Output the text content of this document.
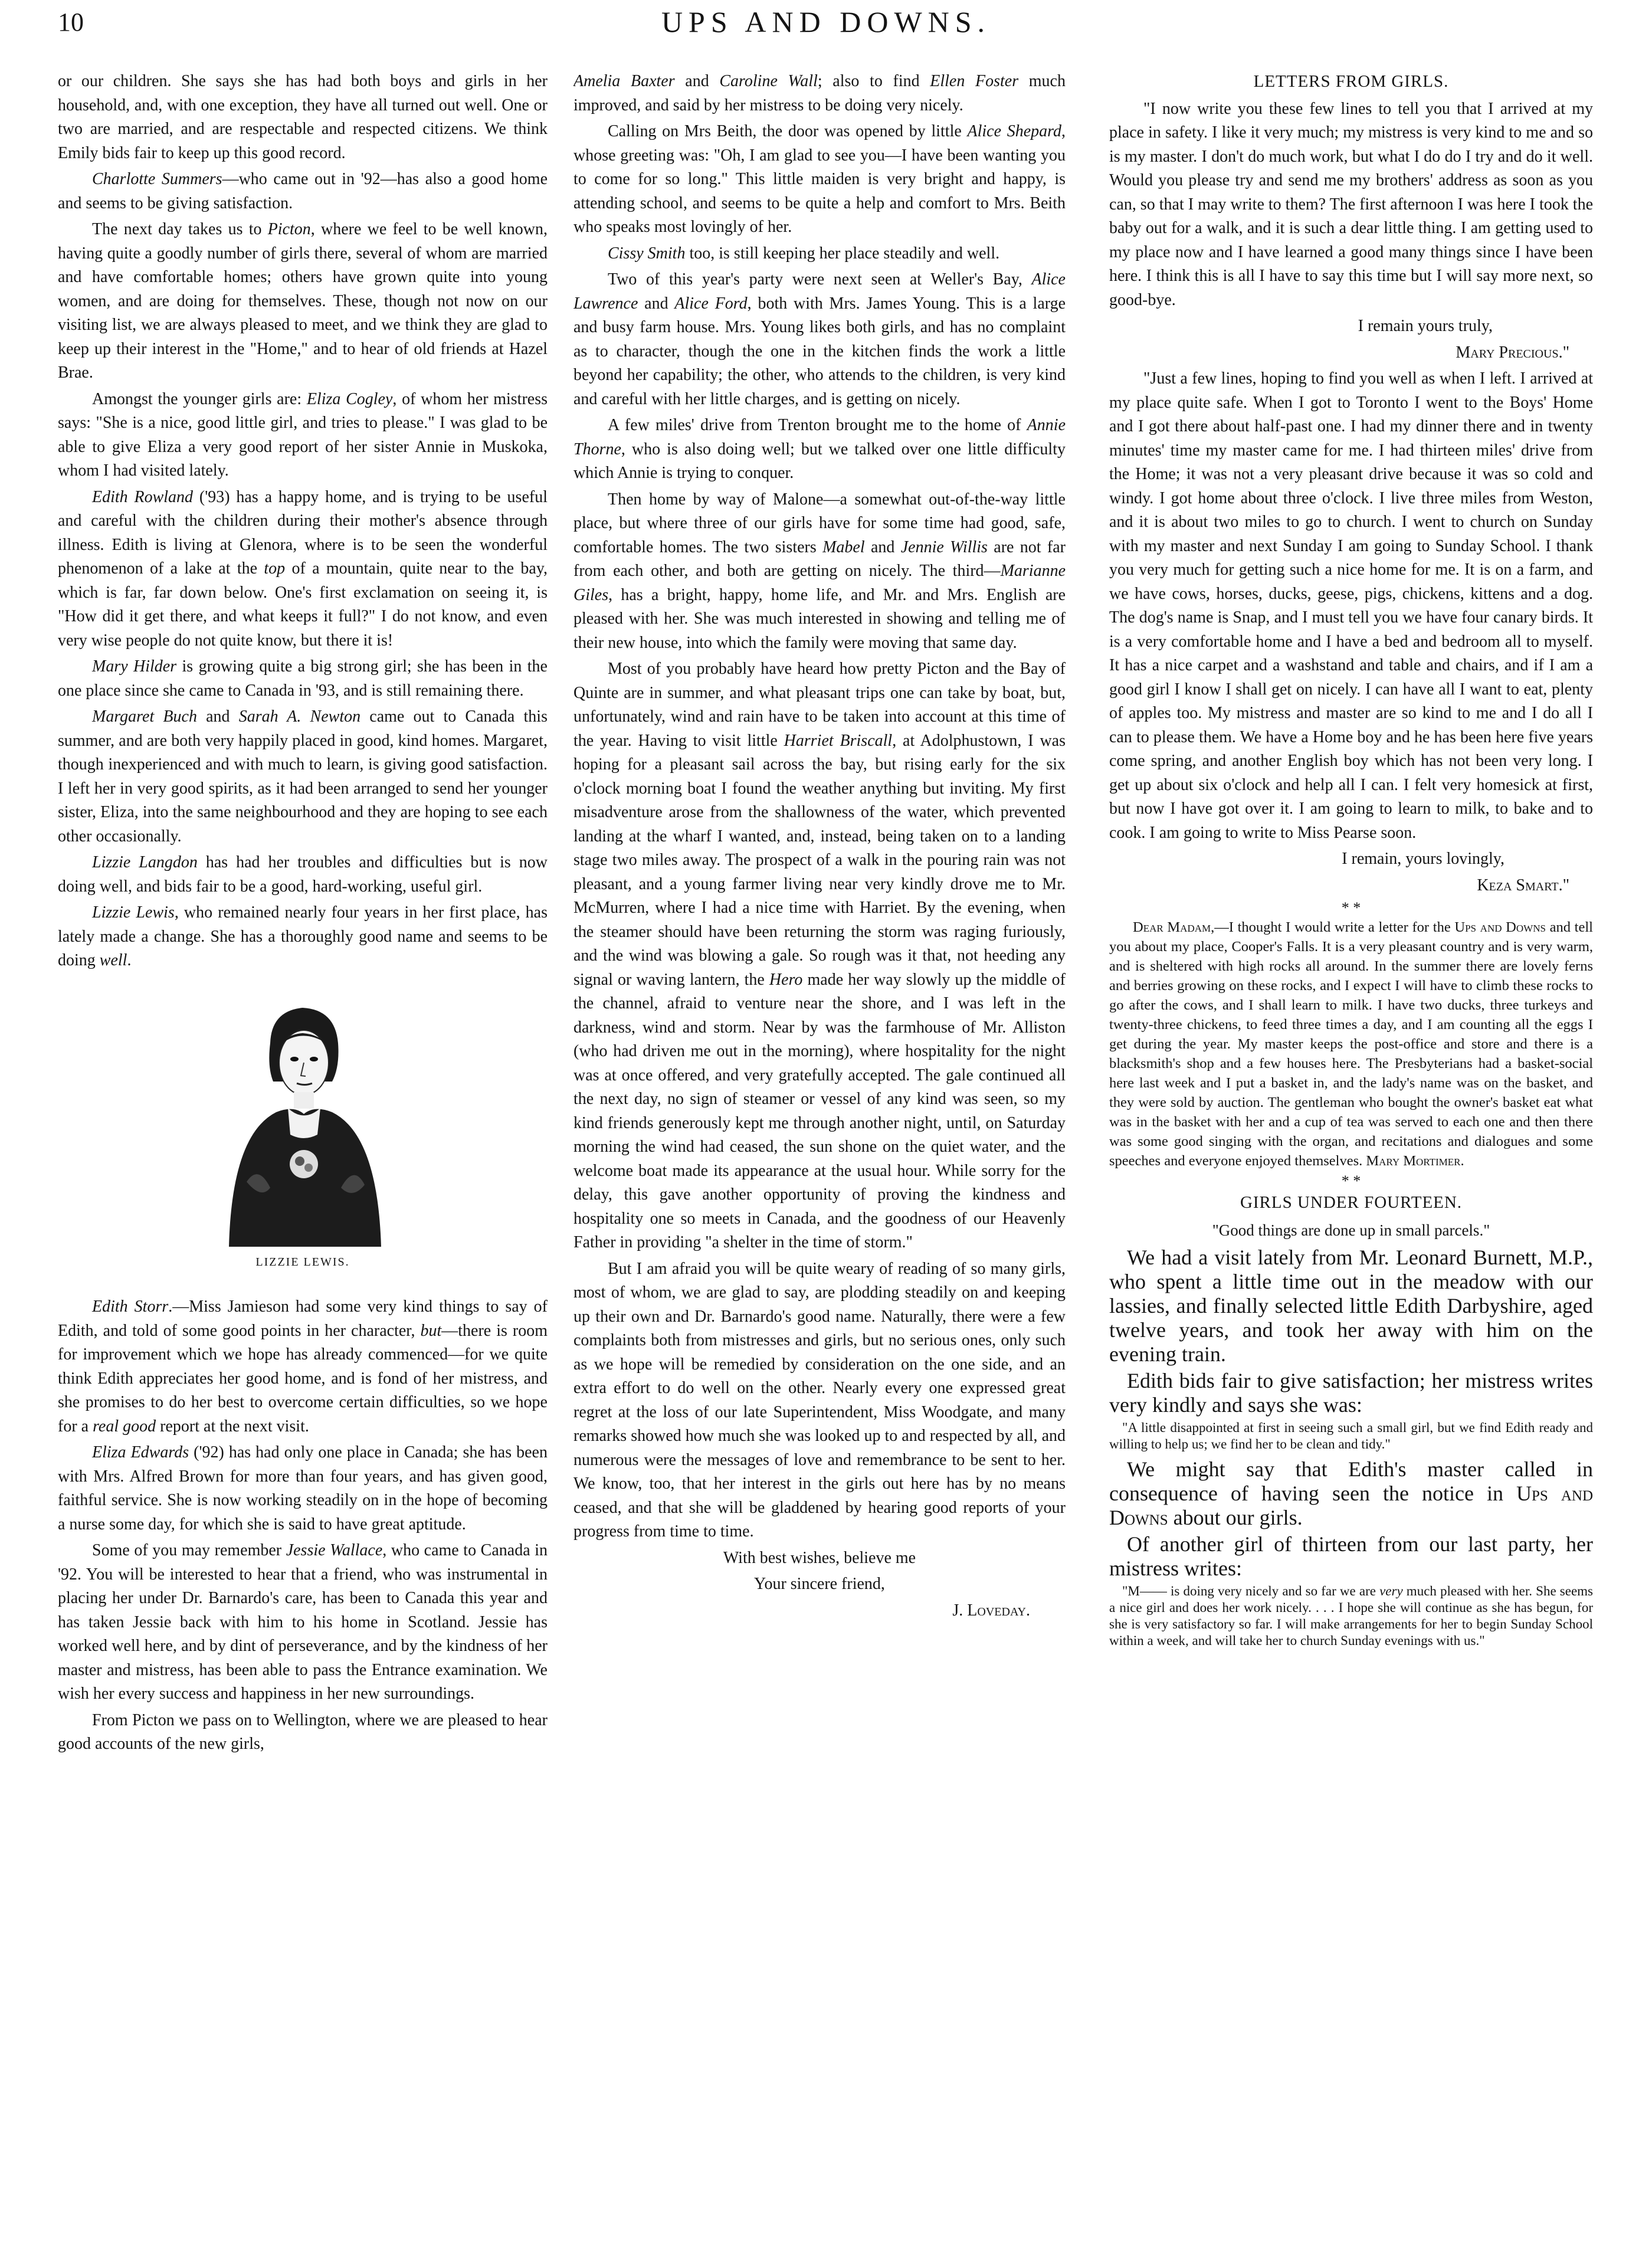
10	UPS AND DOWNS.

or our children. She says she has had both boys and girls in her household, and, with one exception, they have all turned out well. One or two are married, and are respectable and respected citizens. We think Emily bids fair to keep up this good record.

Charlotte Summers—who came out in '92—has also a good home and seems to be giving satisfaction.

The next day takes us to Picton, where we feel to be well known, having quite a goodly number of girls there, several of whom are married and have comfortable homes; others have grown quite into young women, and are doing for themselves. These, though not now on our visiting list, we are always pleased to meet, and we think they are glad to keep up their interest in the "Home," and to hear of old friends at Hazel Brae.

Amongst the younger girls are: Eliza Cogley, of whom her mistress says: "She is a nice, good little girl, and tries to please." I was glad to be able to give Eliza a very good report of her sister Annie in Muskoka, whom I had visited lately.

Edith Rowland ('93) has a happy home, and is trying to be useful and careful with the children during their mother's absence through illness. Edith is living at Glenora, where is to be seen the wonderful phenomenon of a lake at the top of a mountain, quite near to the bay, which is far, far down below. One's first exclamation on seeing it, is "How did it get there, and what keeps it full?" I do not know, and even very wise people do not quite know, but there it is!

Mary Hilder is growing quite a big strong girl; she has been in the one place since she came to Canada in '93, and is still remaining there.

Margaret Buch and Sarah A. Newton came out to Canada this summer, and are both very happily placed in good, kind homes. Margaret, though inexperienced and with much to learn, is giving good satisfaction. I left her in very good spirits, as it had been arranged to send her younger sister, Eliza, into the same neighbourhood and they are hoping to see each other occasionally.

Lizzie Langdon has had her troubles and difficulties but is now doing well, and bids fair to be a good, hard-working, useful girl.

Lizzie Lewis, who remained nearly four years in her first place, has lately made a change. She has a thoroughly good name and seems to be doing well.

LIZZIE LEWIS.

Edith Storr.—Miss Jamieson had some very kind things to say of Edith, and told of some good points in her character, but—there is room for improvement which we hope has already commenced—for we quite think Edith appreciates her good home, and is fond of her mistress, and she promises to do her best to overcome certain difficulties, so we hope for a real good report at the next visit.

Eliza Edwards ('92) has had only one place in Canada; she has been with Mrs. Alfred Brown for more than four years, and has given good, faithful service. She is now working steadily on in the hope of becoming a nurse some day, for which she is said to have great aptitude.

Some of you may remember Jessie Wallace, who came to Canada in '92. You will be interested to hear that a friend, who was instrumental in placing her under Dr. Barnardo's care, has been to Canada this year and has taken Jessie back with him to his home in Scotland. Jessie has worked well here, and by dint of perseverance, and by the kindness of her master and mistress, has been able to pass the Entrance examination. We wish her every success and happiness in her new surroundings.

From Picton we pass on to Wellington, where we are pleased to hear good accounts of the new girls,

Amelia Baxter and Caroline Wall; also to find Ellen Foster much improved, and said by her mistress to be doing very nicely.

Calling on Mrs Beith, the door was opened by little Alice Shepard, whose greeting was: "Oh, I am glad to see you—I have been wanting you to come for so long." This little maiden is very bright and happy, is attending school, and seems to be quite a help and comfort to Mrs. Beith who speaks most lovingly of her.

Cissy Smith too, is still keeping her place steadily and well.

Two of this year's party were next seen at Weller's Bay, Alice Lawrence and Alice Ford, both with Mrs. James Young. This is a large and busy farm house. Mrs. Young likes both girls, and has no complaint as to character, though the one in the kitchen finds the work a little beyond her capability; the other, who attends to the children, is very kind and careful with her little charges, and is getting on nicely.

A few miles' drive from Trenton brought me to the home of Annie Thorne, who is also doing well; but we talked over one little difficulty which Annie is trying to conquer.

Then home by way of Malone—a somewhat out-of-the-way little place, but where three of our girls have for some time had good, safe, comfortable homes. The two sisters Mabel and Jennie Willis are not far from each other, and both are getting on nicely. The third—Marianne Giles, has a bright, happy, home life, and Mr. and Mrs. English are pleased with her. She was much interested in showing and telling me of their new house, into which the family were moving that same day.

Most of you probably have heard how pretty Picton and the Bay of Quinte are in summer, and what pleasant trips one can take by boat, but, unfortunately, wind and rain have to be taken into account at this time of the year. Having to visit little Harriet Briscall, at Adolphustown, I was hoping for a pleasant sail across the bay, but rising early for the six o'clock morning boat I found the weather anything but inviting. My first misadventure arose from the shallowness of the water, which prevented landing at the wharf I wanted, and, instead, being taken on to a landing stage two miles away. The prospect of a walk in the pouring rain was not pleasant, and a young farmer living near very kindly drove me to Mr. McMurren, where I had a nice time with Harriet. By the evening, when the steamer should have been returning the storm was raging furiously, and the wind was blowing a gale. So rough was it that, not heeding any signal or waving lantern, the Hero made her way slowly up the middle of the channel, afraid to venture near the shore, and I was left in the darkness, wind and storm. Near by was the farmhouse of Mr. Alliston (who had driven me out in the morning), where hospitality for the night was at once offered, and very gratefully accepted. The gale continued all the next day, no sign of steamer or vessel of any kind was seen, so my kind friends generously kept me through another night, until, on Saturday morning the wind had ceased, the sun shone on the quiet water, and the welcome boat made its appearance at the usual hour. While sorry for the delay, this gave another opportunity of proving the kindness and hospitality one so meets in Canada, and the goodness of our Heavenly Father in providing "a shelter in the time of storm."

But I am afraid you will be quite weary of reading of so many girls, most of whom, we are glad to say, are plodding steadily on and keeping up their own and Dr. Barnardo's good name. Naturally, there were a few complaints both from mistresses and girls, but no serious ones, only such as we hope will be remedied by consideration on the one side, and an extra effort to do well on the other. Nearly every one expressed great regret at the loss of our late Superintendent, Miss Woodgate, and many remarks showed how much she was looked up to and respected by all, and numerous were the messages of love and remembrance to be sent to her. We know, too, that her interest in the girls out here has by no means ceased, and that she will be gladdened by hearing good reports of your progress from time to time.

With best wishes, believe me

Your sincere friend,

J. Loveday.

LETTERS FROM GIRLS.

"I now write you these few lines to tell you that I arrived at my place in safety. I like it very much; my mistress is very kind to me and so is my master. I don't do much work, but what I do do I try and do it well. Would you please try and send me my brothers' address as soon as you can, so that I may write to them? The first afternoon I was here I took the baby out for a walk, and it is such a dear little thing. I am getting used to my place now and I have learned a good many things since I have been here. I think this is all I have to say this time but I will say more next, so good-bye.

I remain yours truly,

Mary Precious."

"Just a few lines, hoping to find you well as when I left. I arrived at my place quite safe. When I got to Toronto I went to the Boys' Home and I got there about half-past one. I had my dinner there and in twenty minutes' time my master came for me. I had thirteen miles' drive from the Home; it was not a very pleasant drive because it was so cold and windy. I got home about three o'clock. I live three miles from Weston, and it is about two miles to go to church. I went to church on Sunday with my master and next Sunday I am going to Sunday School. I thank you very much for getting such a nice home for me. It is on a farm, and we have cows, horses, ducks, geese, pigs, chickens, kittens and a dog. The dog's name is Snap, and I must tell you we have four canary birds. It is a very comfortable home and I have a bed and bedroom all to myself. It has a nice carpet and a washstand and table and chairs, and if I am a good girl I know I shall get on nicely. I can have all I want to eat, plenty of apples too. My mistress and master are so kind to me and I do all I can to please them. We have a Home boy and he has been here five years come spring, and another English boy which has not been very long. I get up about six o'clock and help all I can. I felt very homesick at first, but now I have got over it. I am going to learn to milk, to bake and to cook. I am going to write to Miss Pearse soon.

I remain, yours lovingly,

Keza Smart."

* *

Dear Madam,—I thought I would write a letter for the Ups and Downs and tell you about my place, Cooper's Falls. It is a very pleasant country and is very warm, and is sheltered with high rocks all around. In the summer there are lovely ferns and berries growing on these rocks, and I expect I will have to climb these rocks to go after the cows, and I shall learn to milk. I have two ducks, three turkeys and twenty-three chickens, to feed three times a day, and I am counting all the eggs I get during the year. My master keeps the post-office and store and there is a blacksmith's shop and a few houses here. The Presbyterians had a basket-social here last week and I put a basket in, and the lady's name was on the basket, and they were sold by auction. The gentleman who bought the owner's basket eat what was in the basket with her and a cup of tea was served to each one and then there was some good singing with the organ, and recitations and dialogues and some speeches and everyone enjoyed themselves. Mary Mortimer.

* *
GIRLS UNDER FOURTEEN.
"Good things are done up in small parcels."

We had a visit lately from Mr. Leonard Burnett, M.P., who spent a little time out in the meadow with our lassies, and finally selected little Edith Darbyshire, aged twelve years, and took her away with him on the evening train.

Edith bids fair to give satisfaction; her mistress writes very kindly and says she was:

"A little disappointed at first in seeing such a small girl, but we find Edith ready and willing to help us; we find her to be clean and tidy."

We might say that Edith's master called in consequence of having seen the notice in Ups and Downs about our girls.

Of another girl of thirteen from our last party, her mistress writes:

"M—— is doing very nicely and so far we are very much pleased with her. She seems a nice girl and does her work nicely. . . . I hope she will continue as she has begun, for she is very satisfactory so far. I will make arrangements for her to begin Sunday School within a week, and will take her to church Sunday evenings with us."
